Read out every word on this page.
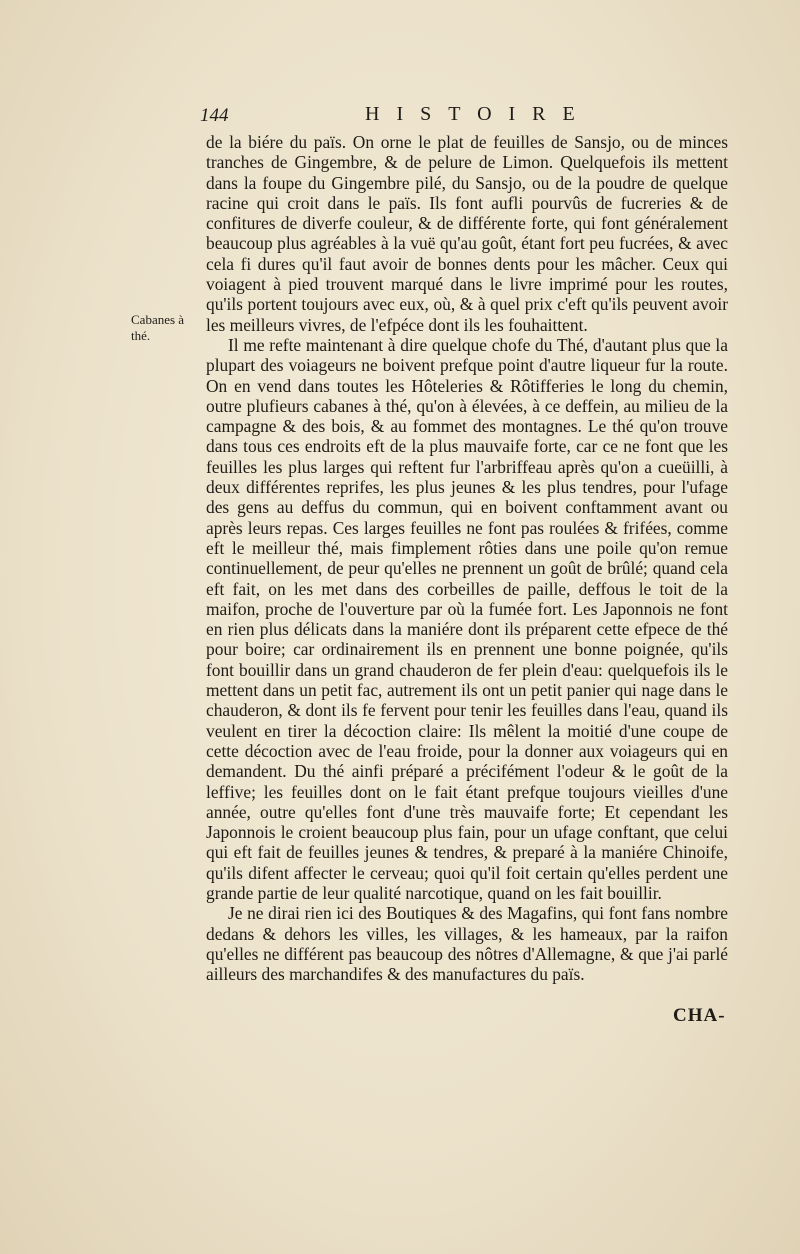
144	HISTOIRE
Cabanes à thé.

de la biére du païs. On orne le plat de feuilles de Sansjo, ou de minces tranches de Gingembre, & de pelure de Limon. Quelquefois ils mettent dans la foupe du Gingembre pilé, du Sansjo, ou de la poudre de quelque racine qui croit dans le païs. Ils font aufli pourvûs de fucreries & de confitures de diverfe couleur, & de différente forte, qui font généralement beaucoup plus agréables à la vuë qu'au goût, étant fort peu fucrées, & avec cela fi dures qu'il faut avoir de bonnes dents pour les mâcher. Ceux qui voiagent à pied trouvent marqué dans le livre imprimé pour les routes, qu'ils portent toujours avec eux, où, & à quel prix c'eft qu'ils peuvent avoir les meilleurs vivres, de l'efpéce dont ils les fouhaittent.

Il me refte maintenant à dire quelque chofe du Thé, d'autant plus que la plupart des voiageurs ne boivent prefque point d'autre liqueur fur la route. On en vend dans toutes les Hôteleries & Rôtifferies le long du chemin, outre plufieurs cabanes à thé, qu'on à élevées, à ce deffein, au milieu de la campagne & des bois, & au fommet des montagnes. Le thé qu'on trouve dans tous ces endroits eft de la plus mauvaife forte, car ce ne font que les feuilles les plus larges qui reftent fur l'arbriffeau après qu'on a cueüilli, à deux différentes reprifes, les plus jeunes & les plus tendres, pour l'ufage des gens au deffus du commun, qui en boivent conftamment avant ou après leurs repas. Ces larges feuilles ne font pas roulées & frifées, comme eft le meilleur thé, mais fimplement rôties dans une poile qu'on remue continuellement, de peur qu'elles ne prennent un goût de brûlé; quand cela eft fait, on les met dans des corbeilles de paille, deffous le toit de la maifon, proche de l'ouverture par où la fumée fort. Les Japonnois ne font en rien plus délicats dans la maniére dont ils préparent cette efpece de thé pour boire; car ordinairement ils en prennent une bonne poignée, qu'ils font bouillir dans un grand chauderon de fer plein d'eau: quelquefois ils le mettent dans un petit fac, autrement ils ont un petit panier qui nage dans le chauderon, & dont ils fe fervent pour tenir les feuilles dans l'eau, quand ils veulent en tirer la décoction claire: Ils mêlent la moitié d'une coupe de cette décoction avec de l'eau froide, pour la donner aux voiageurs qui en demandent. Du thé ainfi préparé a précifément l'odeur & le goût de la leffive; les feuilles dont on le fait étant prefque toujours vieilles d'une année, outre qu'elles font d'une très mauvaife forte; Et cependant les Japonnois le croient beaucoup plus fain, pour un ufage conftant, que celui qui eft fait de feuilles jeunes & tendres, & preparé à la maniére Chinoife, qu'ils difent affecter le cerveau; quoi qu'il foit certain qu'elles perdent une grande partie de leur qualité narcotique, quand on les fait bouillir.

Je ne dirai rien ici des Boutiques & des Magafins, qui font fans nombre dedans & dehors les villes, les villages, & les hameaux, par la raifon qu'elles ne différent pas beaucoup des nôtres d'Allemagne, & que j'ai parlé ailleurs des marchandifes & des manufactures du païs.

CHA-
